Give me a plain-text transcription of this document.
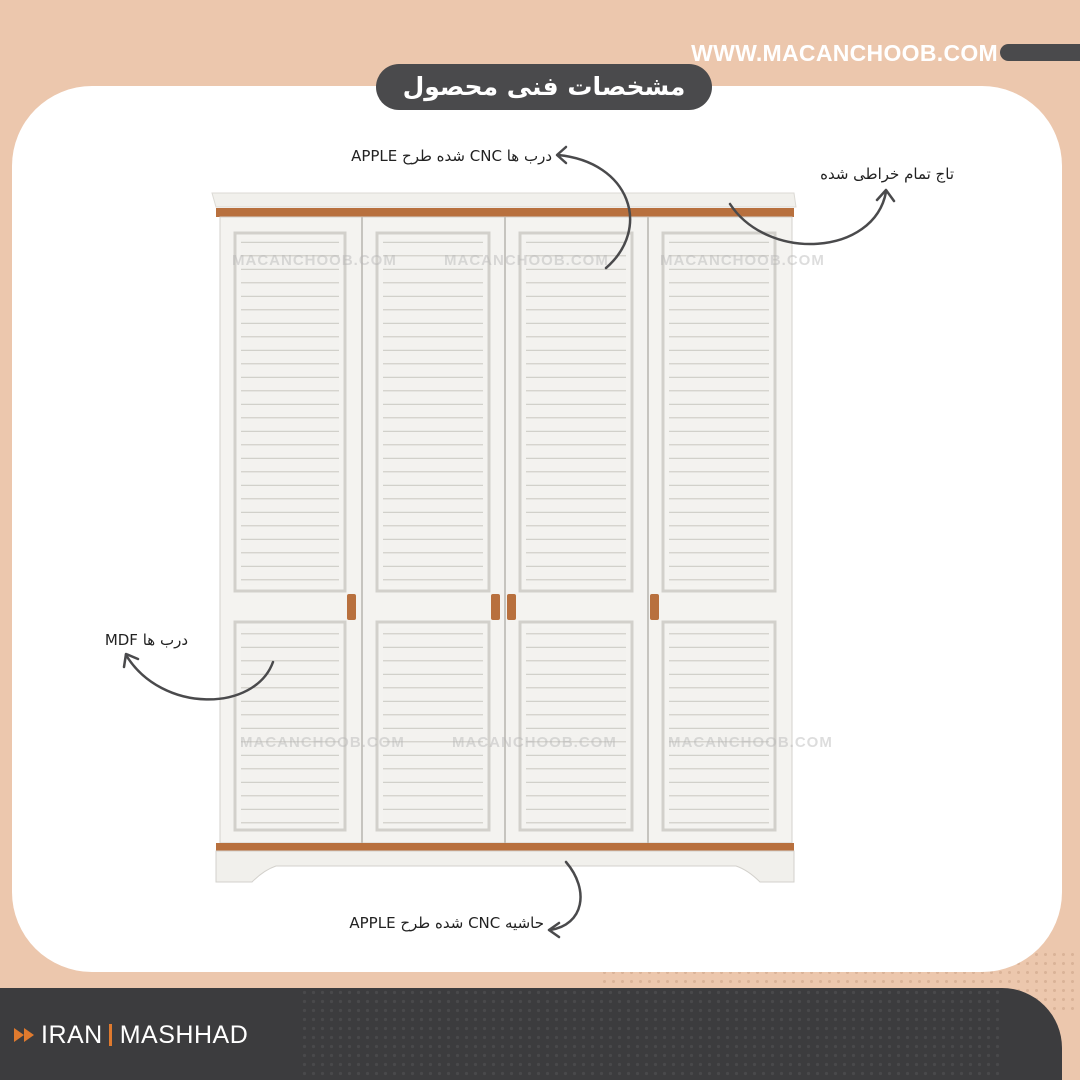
WWW.MACANCHOOB.COM
مشخصات فنی محصول
MACANCHOOB.COM	MACANCHOOB.COM	MACANCHOOB.COM
MACANCHOOB.COM	MACANCHOOB.COM	MACANCHOOB.COM
درب ها CNC شده طرح APPLE
تاج تمام خراطی شده
درب ها MDF
حاشیه CNC شده طرح APPLE
IRAN MASHHAD
